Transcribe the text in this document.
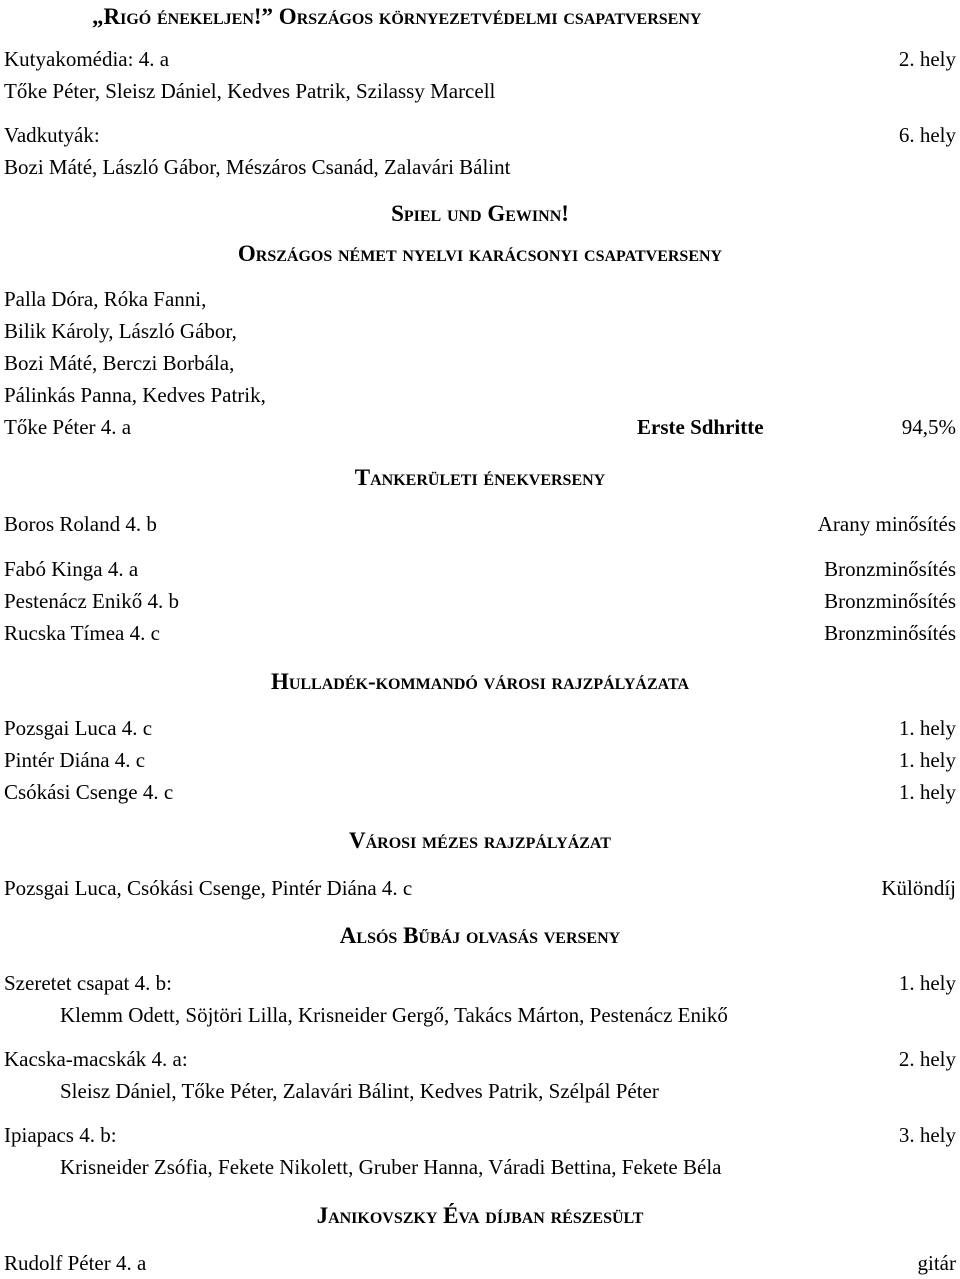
„Rigó énekeljen!” Országos környezetvédelmi csapatverseny
Kutyakomédia: 4. a	2. hely
Tőke Péter, Sleisz Dániel, Kedves Patrik, Szilassy Marcell
Vadkutyák:	6. hely
Bozi Máté, László Gábor, Mészáros Csanád, Zalavári Bálint
Spiel und Gewinn!
Országos német nyelvi karácsonyi csapatverseny
Palla Dóra, Róka Fanni,
Bilik Károly, László Gábor,
Bozi Máté, Berczi Borbála,
Pálinkás Panna, Kedves Patrik,
Tőke Péter 4. a	Erste Sdhritte	94,5%
Tankerületi énekverseny
Boros Roland 4. b	Arany minősítés
Fabó Kinga 4. a	Bronzminősítés
Pestenácz Enikő 4. b	Bronzminősítés
Rucska Tímea 4. c	Bronzminősítés
Hulladék-kommandó városi rajzpályázata
Pozsgai Luca 4. c	1. hely
Pintér Diána 4. c	1. hely
Csókási Csenge 4. c	1. hely
Városi mézes rajzpályázat
Pozsgai Luca, Csókási Csenge, Pintér Diána 4. c	Különdíj
Alsós Bűbáj olvasás verseny
Szeretet csapat 4. b:	1. hely
Klemm Odett, Söjtöri Lilla, Krisneider Gergő, Takács Márton, Pestenácz Enikő
Kacska-macskák 4. a:	2. hely
Sleisz Dániel, Tőke Péter, Zalavári Bálint, Kedves Patrik, Szélpál Péter
Ipiapacs 4. b:	3. hely
Krisneider Zsófia, Fekete Nikolett, Gruber Hanna, Váradi Bettina, Fekete Béla
Janikovszky Éva díjban részesült
Rudolf Péter 4. a	gitár
